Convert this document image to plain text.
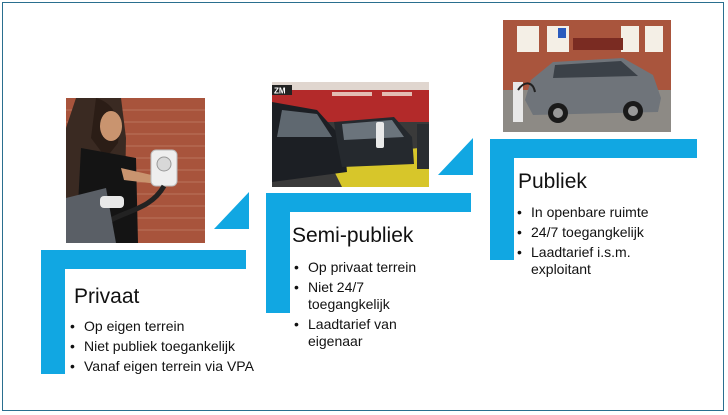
Privaat
• Op eigen terrein
• Niet publiek toegankelijk
• Vanaf eigen terrein via VPA
ZM
Semi-publiek
• Op privaat terrein
• Niet 24/7 toegangkelijk
• Laadtarief van eigenaar
Publiek
• In openbare ruimte
• 24/7 toegangkelijk
• Laadtarief i.s.m. exploitant
